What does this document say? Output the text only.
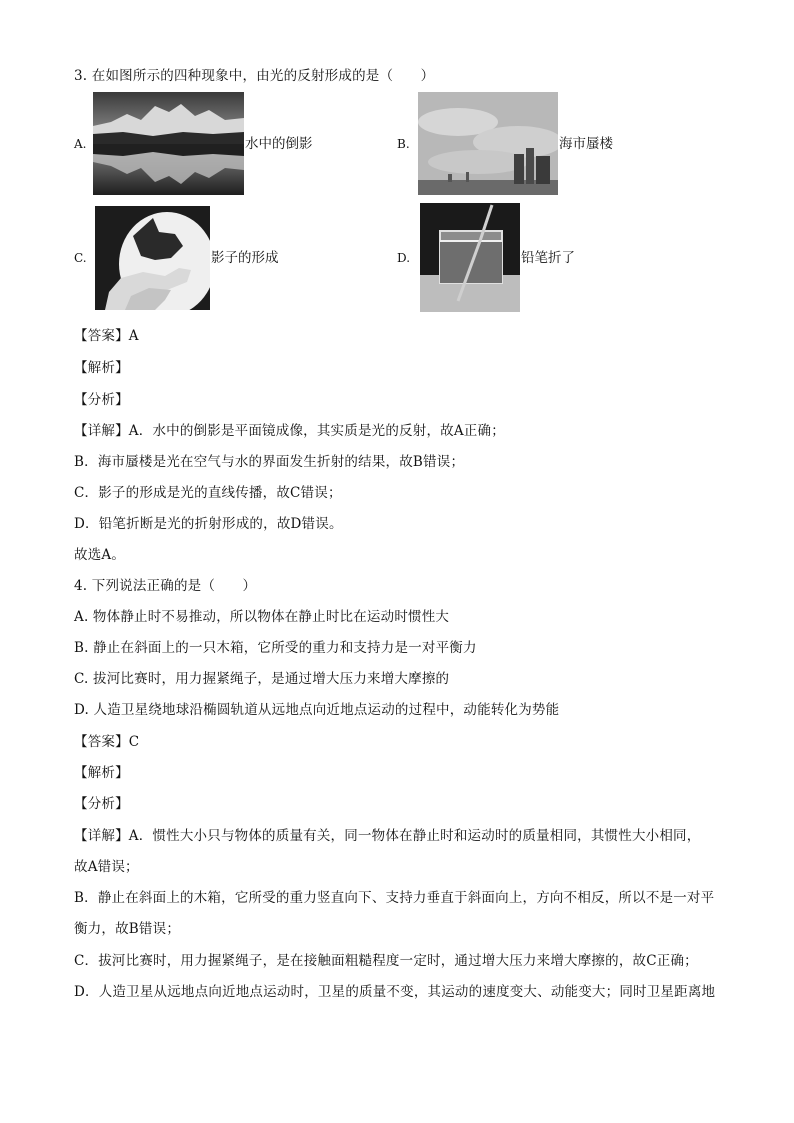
3. 在如图所示的四种现象中，由光的反射形成的是（　　）
A.	水中的倒影	B.	海市蜃楼
C.	影子的形成	D.	铅笔折了
【答案】A
【解析】
【分析】
【详解】A．水中的倒影是平面镜成像，其实质是光的反射，故A正确；
B．海市蜃楼是光在空气与水的界面发生折射的结果，故B错误；
C．影子的形成是光的直线传播，故C错误；
D．铅笔折断是光的折射形成的，故D错误。
故选A。
4. 下列说法正确的是（　　）
A. 物体静止时不易推动，所以物体在静止时比在运动时惯性大
B. 静止在斜面上的一只木箱，它所受的重力和支持力是一对平衡力
C. 拔河比赛时，用力握紧绳子，是通过增大压力来增大摩擦的
D. 人造卫星绕地球沿椭圆轨道从远地点向近地点运动的过程中，动能转化为势能
【答案】C
【解析】
【分析】
【详解】A．惯性大小只与物体的质量有关，同一物体在静止时和运动时的质量相同，其惯性大小相同，
故A错误；
B．静止在斜面上的木箱，它所受的重力竖直向下、支持力垂直于斜面向上，方向不相反，所以不是一对平
衡力，故B错误；
C．拔河比赛时，用力握紧绳子，是在接触面粗糙程度一定时，通过增大压力来增大摩擦的，故C正确；
D．人造卫星从远地点向近地点运动时，卫星的质量不变，其运动的速度变大、动能变大；同时卫星距离地
